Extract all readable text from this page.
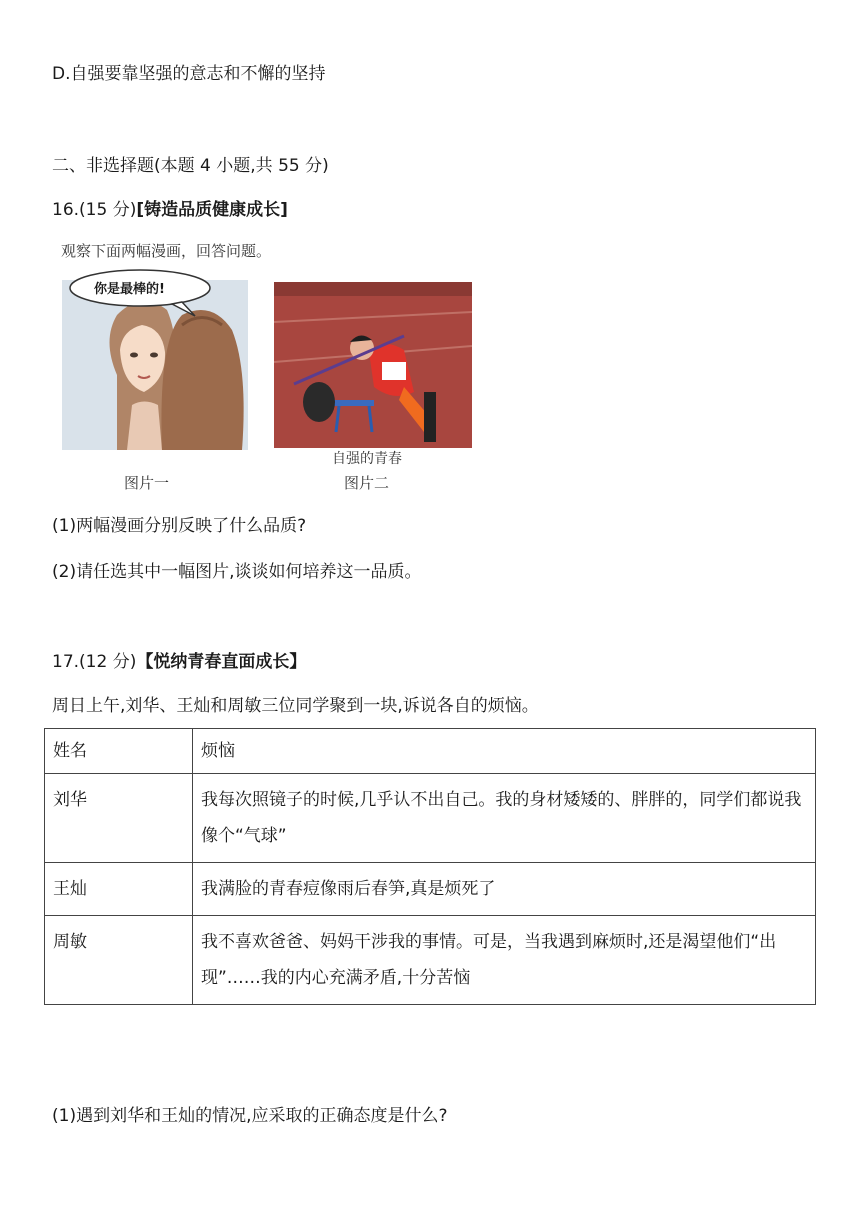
D.自强要靠坚强的意志和不懈的坚持
二、非选择题(本题 4 小题,共 55 分)
16.(15 分)[铸造品质健康成长]
观察下面两幅漫画，回答问题。
你是最棒的!
自强的青春
图片一	图片二
(1)两幅漫画分别反映了什么品质?
(2)请任选其中一幅图片,谈谈如何培养这一品质。
17.(12 分)【悦纳青春直面成长】
周日上午,刘华、王灿和周敏三位同学聚到一块,诉说各自的烦恼。
姓名	烦恼
刘华	我每次照镜子的时候,几乎认不出自己。我的身材矮矮的、胖胖的，同学们都说我像个“气球”
王灿	我满脸的青春痘像雨后春笋,真是烦死了
周敏	我不喜欢爸爸、妈妈干涉我的事情。可是，当我遇到麻烦时,还是渴望他们“出现”……我的内心充满矛盾,十分苦恼
(1)遇到刘华和王灿的情况,应采取的正确态度是什么?
